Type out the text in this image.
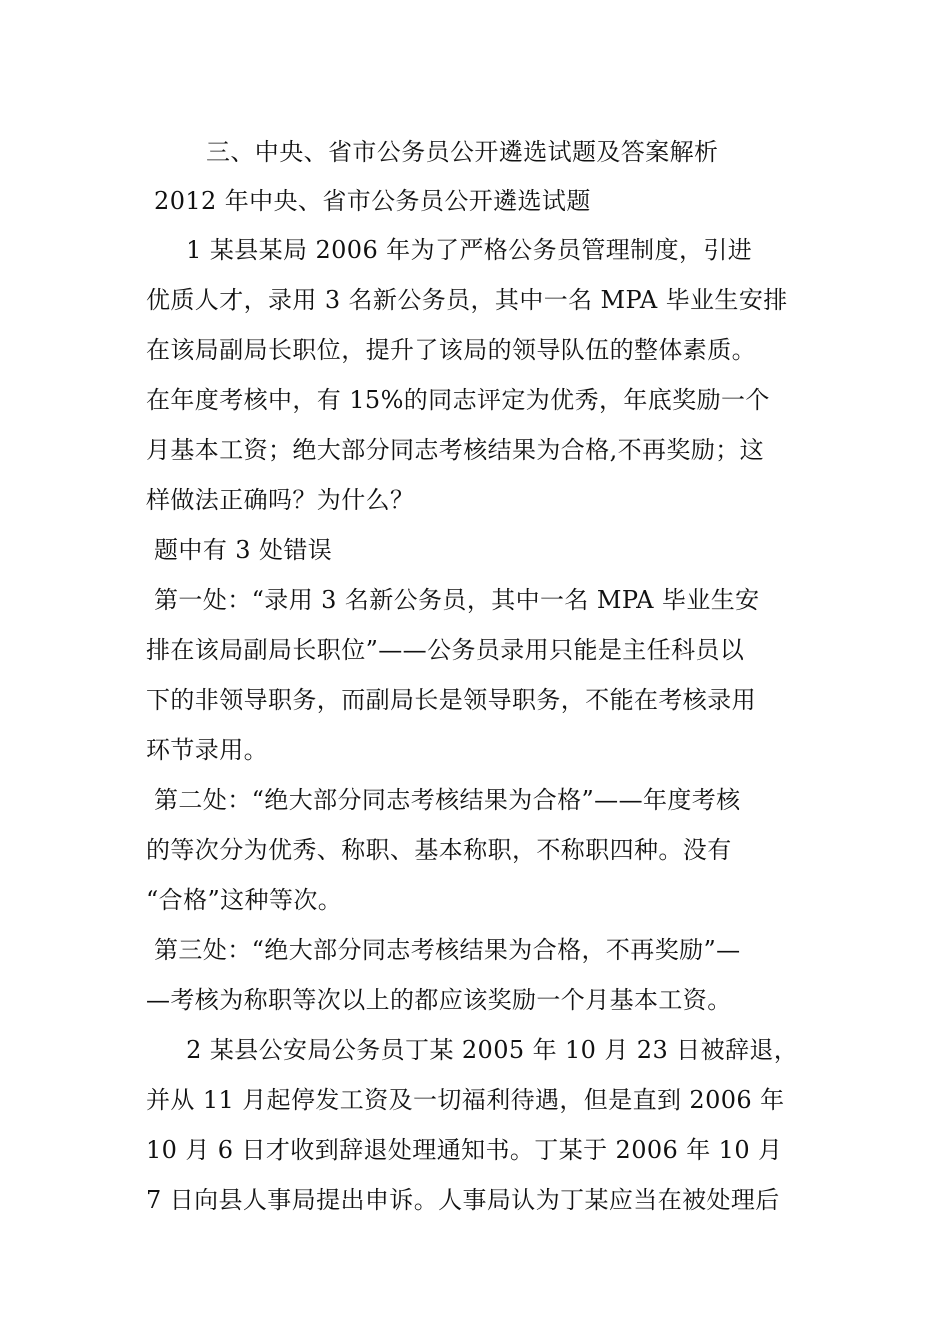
三、中央、省市公务员公开遴选试题及答案解析
2012 年中央、省市公务员公开遴选试题
1 某县某局 2006 年为了严格公务员管理制度，引进
优质人才，录用 3 名新公务员，其中一名 MPA 毕业生安排
在该局副局长职位，提升了该局的领导队伍的整体素质。
在年度考核中，有 15%的同志评定为优秀，年底奖励一个
月基本工资；绝大部分同志考核结果为合格,不再奖励；这
样做法正确吗？为什么？
题中有 3 处错误
第一处：“录用 3 名新公务员，其中一名 MPA 毕业生安
排在该局副局长职位”——公务员录用只能是主任科员以
下的非领导职务，而副局长是领导职务，不能在考核录用
环节录用。
第二处：“绝大部分同志考核结果为合格”——年度考核
的等次分为优秀、称职、基本称职，不称职四种。没有
“合格”这种等次。
第三处：“绝大部分同志考核结果为合格，不再奖励”—
—考核为称职等次以上的都应该奖励一个月基本工资。
2 某县公安局公务员丁某 2005 年 10 月 23 日被辞退，
并从 11 月起停发工资及一切福利待遇，但是直到 2006 年
10 月 6 日才收到辞退处理通知书。丁某于 2006 年 10 月
7 日向县人事局提出申诉。人事局认为丁某应当在被处理后
